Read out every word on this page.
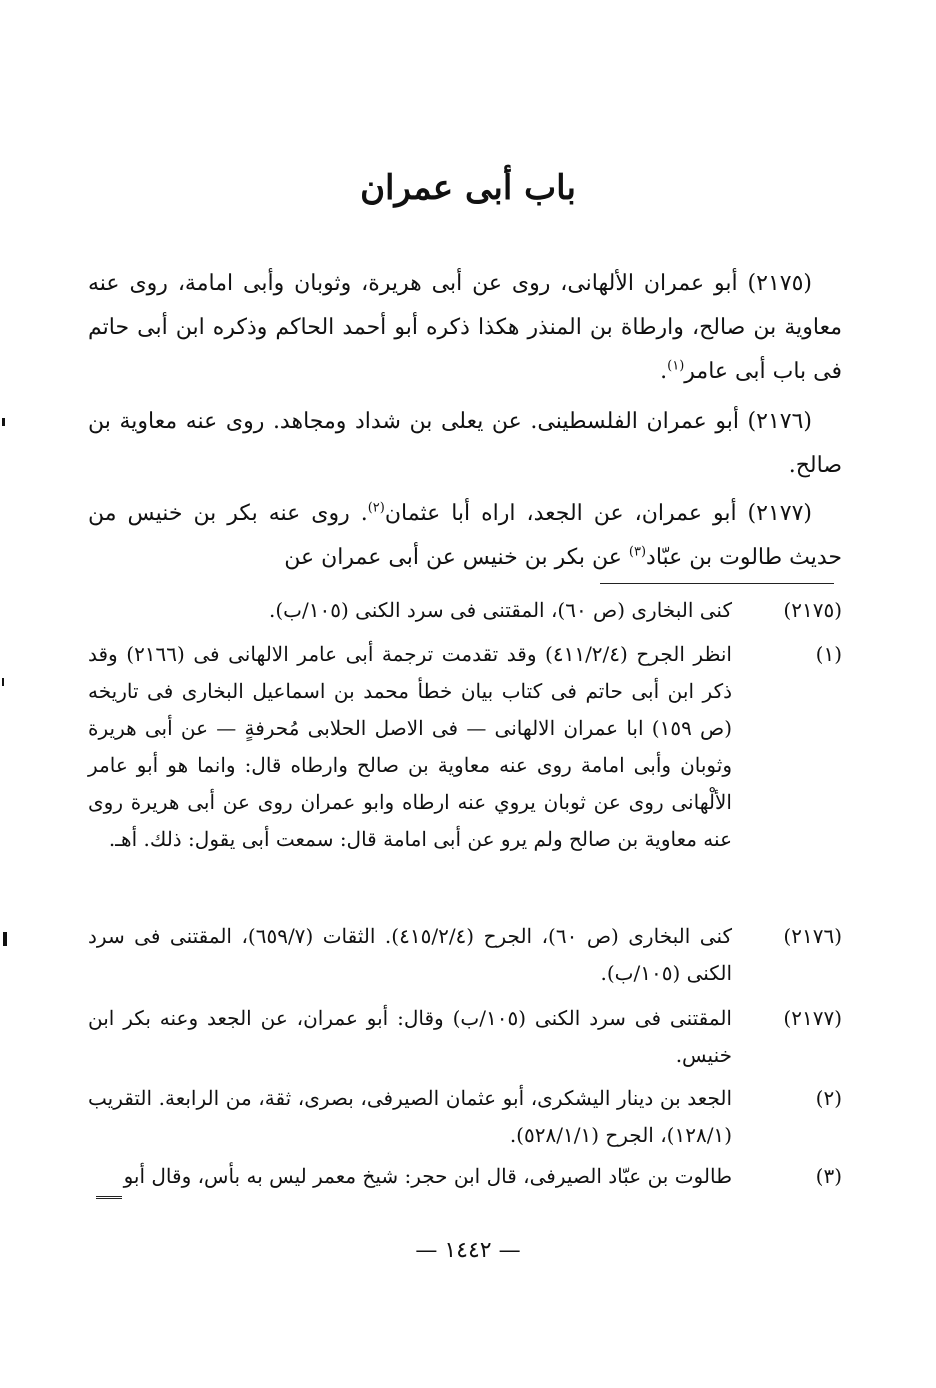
باب أبى عمران

(٢١٧٥) أبو عمران الألهانى، روى عن أبى هريرة، وثوبان وأبى امامة، روى عنه معاوية بن صالح، وارطاة بن المنذر هكذا ذكره أبو أحمد الحاكم وذكره ابن أبى حاتم فى باب أبى عامر$^{(١)}$.

(٢١٧٦) أبو عمران الفلسطينى. عن يعلى بن شداد ومجاهد. روى عنه معاوية بن صالح.

(٢١٧٧) أبو عمران، عن الجعد، اراه أبا عثمان$^{(٢)}$. روى عنه بكر بن خنيس من حديث طالوت بن عبّاد$^{(٣)}$ عن بكر بن خنيس عن أبى عمران عن

(٢١٧٥)
كنى البخارى (ص ٦٠)، المقتنى فى سرد الكنى (١٠٥/ب).
(١)
انظر الجرح (٤١١/٢/٤) وقد تقدمت ترجمة أبى عامر الالهانى فى (٢١٦٦) وقد ذكر ابن أبى حاتم فى كتاب بيان خطأ محمد بن اسماعيل البخارى فى تاريخه (ص ١٥٩) ابا عمران الالهانى — فى الاصل الحلابى مُحرفةٍ — عن أبى هريرة وثوبان وأبى امامة روى عنه معاوية بن صالح وارطاه قال: وانما هو أبو عامر الألْهانى روى عن ثوبان يروي عنه ارطاه وابو عمران روى عن أبى هريرة روى عنه معاوية بن صالح ولم يرو عن أبى امامة قال: سمعت أبى يقول: ذلك. أهـ.
(٢١٧٦)
كنى البخارى (ص ٦٠)، الجرح (٤١٥/٢/٤). الثقات (٦٥٩/٧)، المقتنى فى سرد الكنى (١٠٥/ب).
(٢١٧٧)
المقتنى فى سرد الكنى (١٠٥/ب) وقال: أبو عمران، عن الجعد وعنه بكر ابن خنيس.
(٢)
الجعد بن دينار اليشكرى، أبو عثمان الصيرفى، بصرى، ثقة، من الرابعة. التقريب (١٢٨/١)، الجرح (٥٢٨/١/١).
(٣)
طالوت بن عبّاد الصيرفى، قال ابن حجر: شيخ معمر ليس به بأس، وقال أبو
— ١٤٤٢ —
